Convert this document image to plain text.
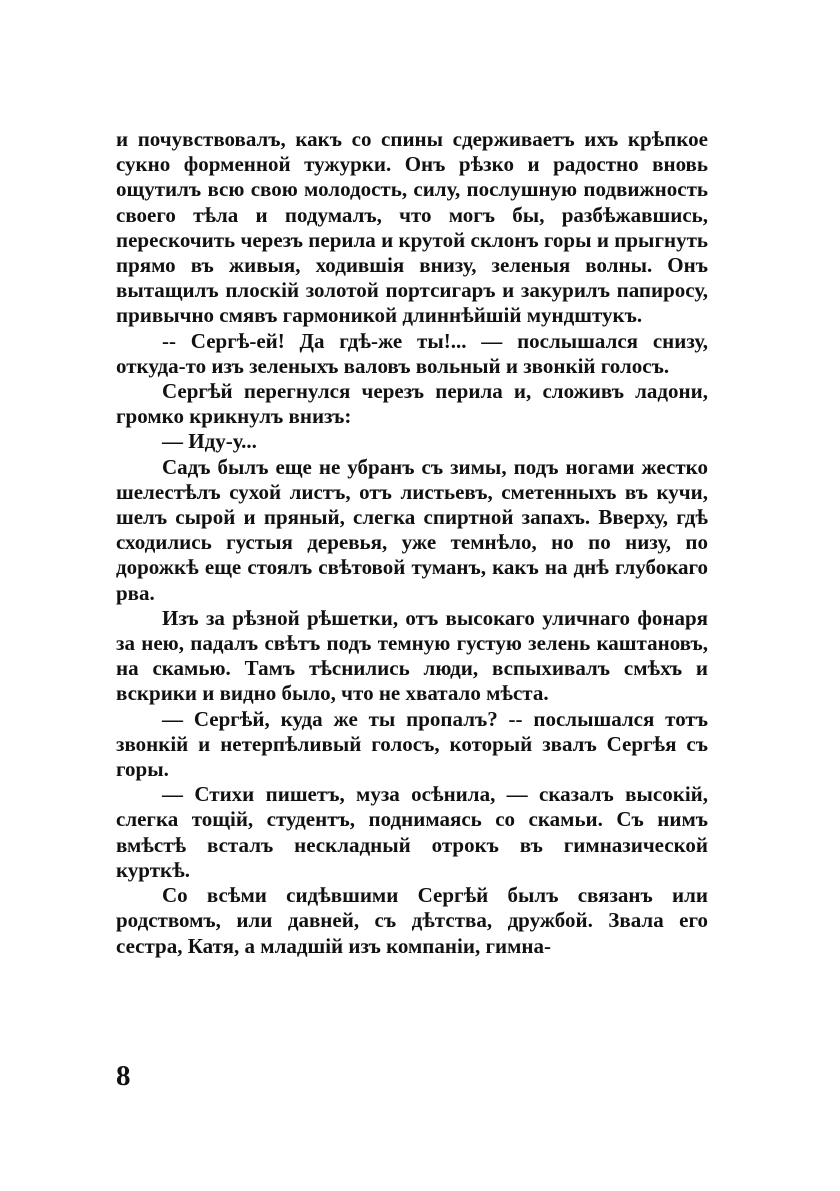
и почувствовалъ, какъ со спины сдерживаетъ ихъ крѣпкое сукно форменной тужурки. Онъ рѣзко и радостно вновь ощутилъ всю свою молодость, силу, послушную подвижность своего тѣла и подумалъ, что могъ бы, разбѣжавшись, перескочить черезъ перила и крутой склонъ горы и прыгнуть прямо въ живыя, ходившія внизу, зеленыя волны. Онъ вытащилъ плоскій золотой портсигаръ и закурилъ папиросу, привычно смявъ гармоникой длиннѣйшій мундштукъ.

-- Сергѣ-ей! Да гдѣ-же ты!... — послышался снизу, откуда-то изъ зеленыхъ валовъ вольный и звонкій голосъ.

Сергѣй перегнулся черезъ перила и, сложивъ ладони, громко крикнулъ внизъ:

— Иду-у...

Садъ былъ еще не убранъ съ зимы, подъ ногами жестко шелестѣлъ сухой листъ, отъ листьевъ, сметенныхъ въ кучи, шелъ сырой и пряный, слегка спиртной запахъ. Вверху, гдѣ сходились густыя деревья, уже темнѣло, но по низу, по дорожкѣ еще стоялъ свѣтовой туманъ, какъ на днѣ глубокаго рва.

Изъ за рѣзной рѣшетки, отъ высокаго уличнаго фонаря за нею, падалъ свѣтъ подъ темную густую зелень каштановъ, на скамью. Тамъ тѣснились люди, вспыхивалъ смѣхъ и вскрики и видно было, что не хватало мѣста.

— Сергѣй, куда же ты пропалъ? -- послышался тотъ звонкій и нетерпѣливый голосъ, который звалъ Сергѣя съ горы.

— Стихи пишетъ, муза осѣнила, — сказалъ высокій, слегка тощій, студентъ, поднимаясь со скамьи. Съ нимъ вмѣстѣ всталъ нескладный отрокъ въ гимназической курткѣ.

Со всѣми сидѣвшими Сергѣй былъ связанъ или родствомъ, или давней, съ дѣтства, дружбой. Звала его сестра, Катя, а младшій изъ компаніи, гимна-

8
